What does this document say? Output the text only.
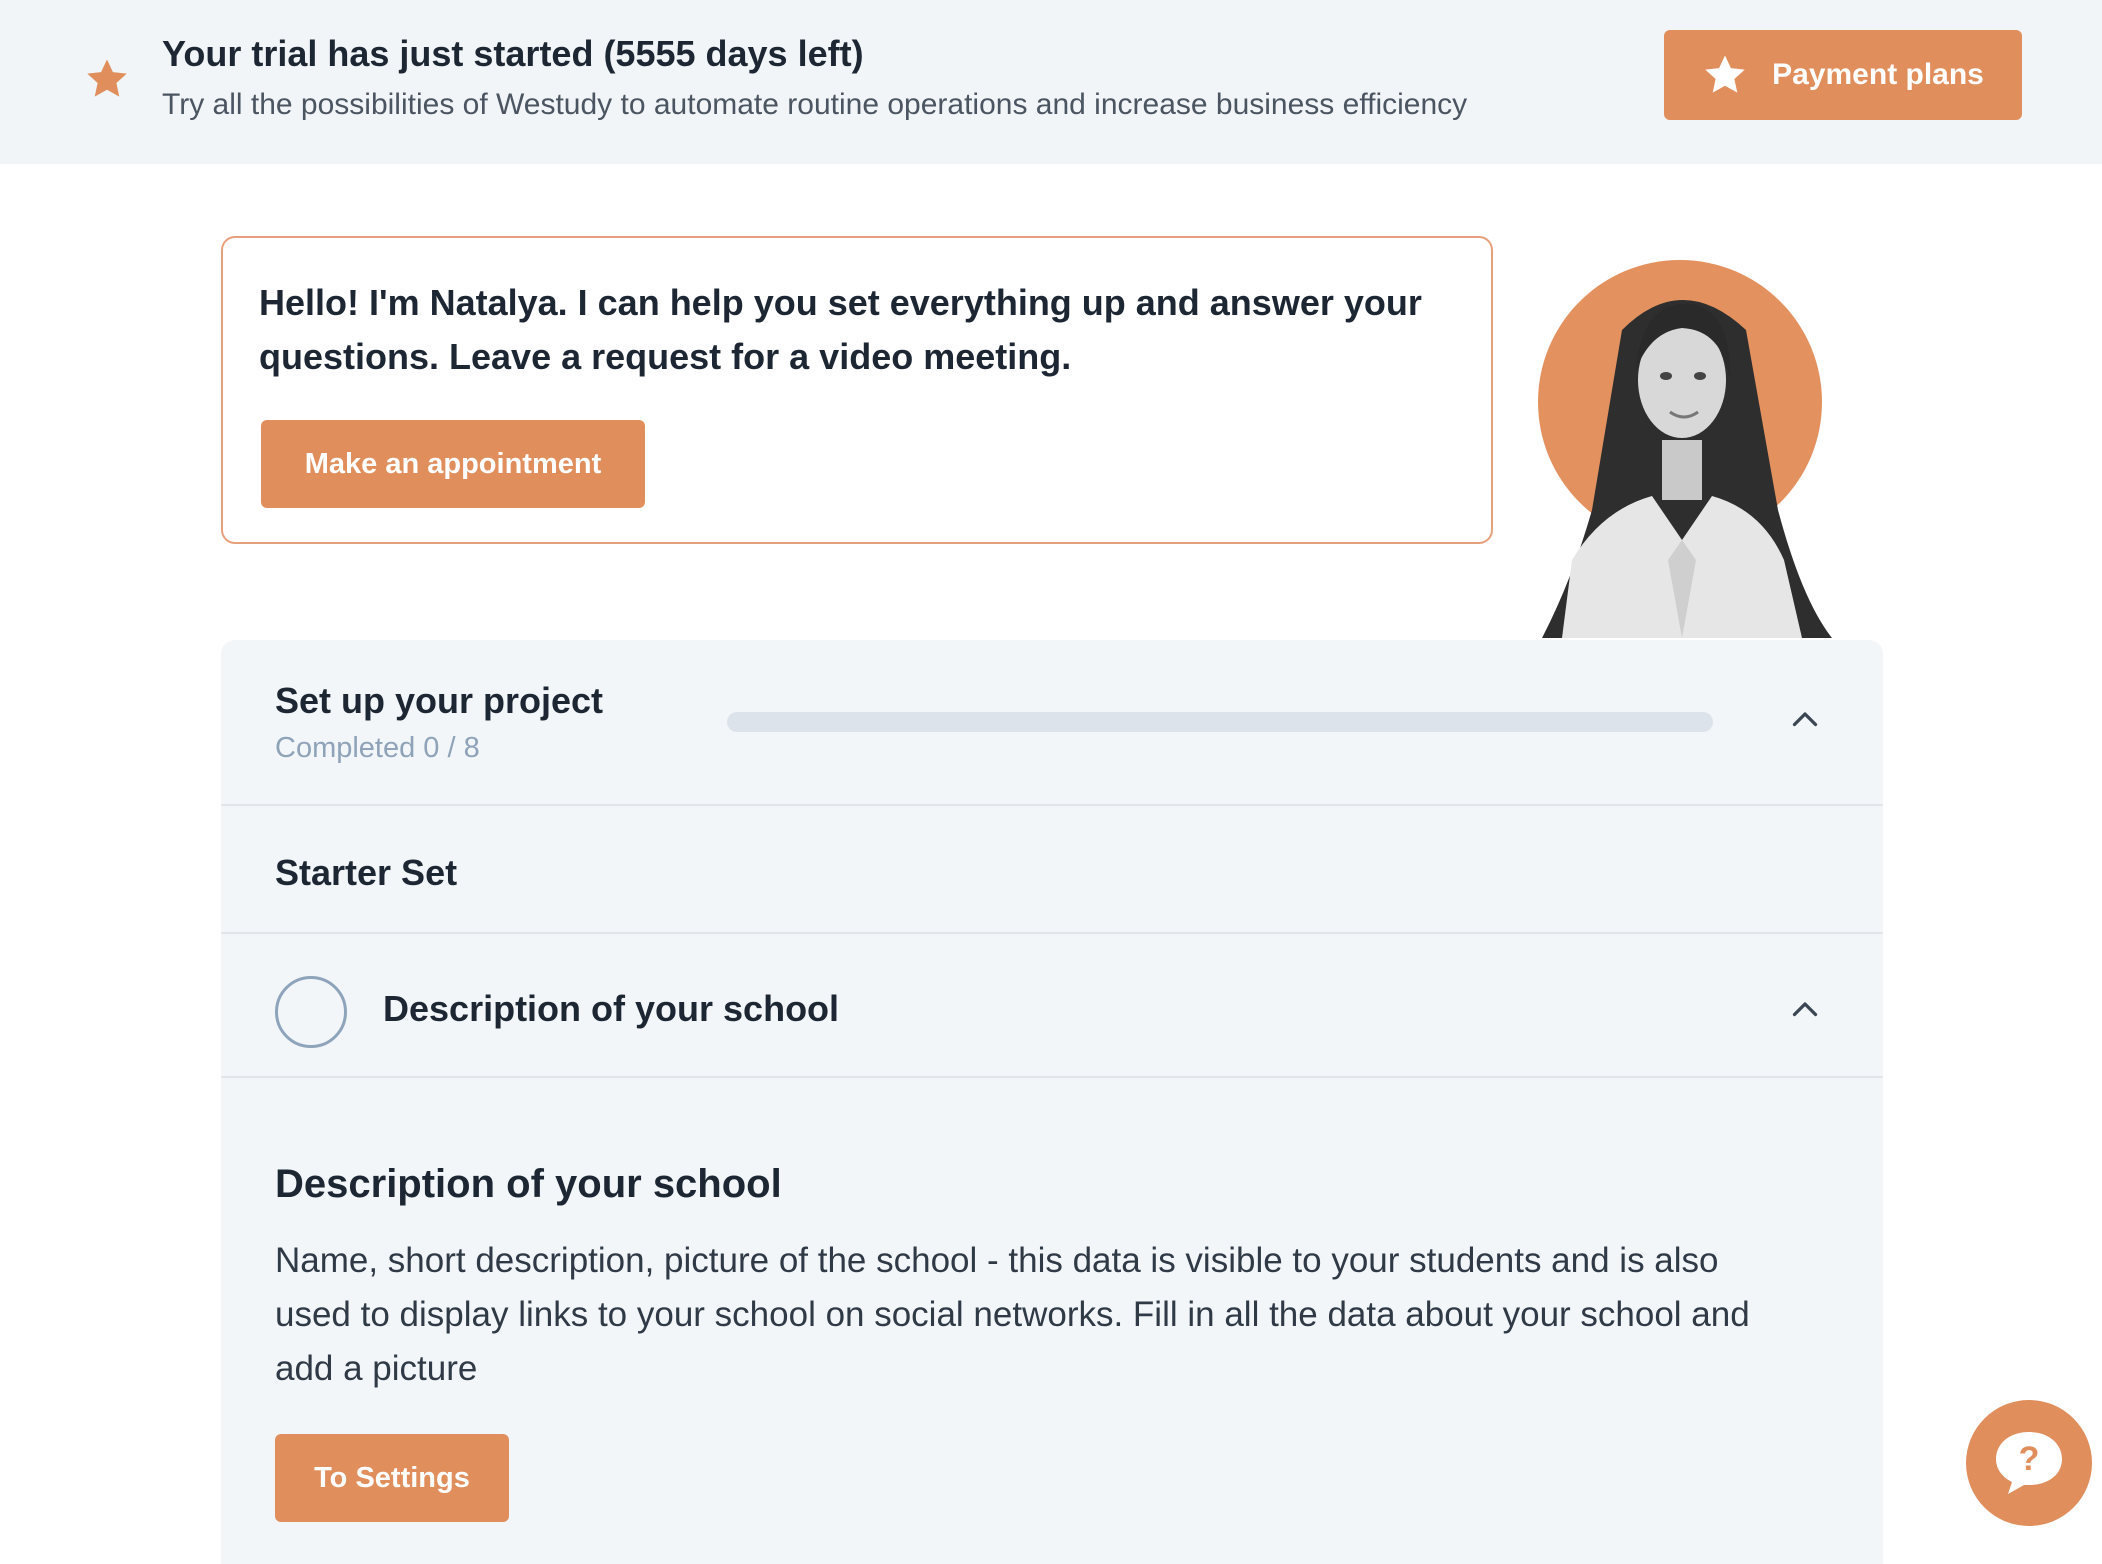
Your trial has just started (5555 days left)
Try all the possibilities of Westudy to automate routine operations and increase business efficiency
Payment plans
Hello! I'm Natalya. I can help you set everything up and answer your questions. Leave a request for a video meeting.
Make an appointment
Set up your project
Completed 0 / 8
Starter Set
Description of your school
Description of your school
Name, short description, picture of the school - this data is visible to your students and is also used to display links to your school on social networks. Fill in all the data about your school and add a picture
To Settings	?
